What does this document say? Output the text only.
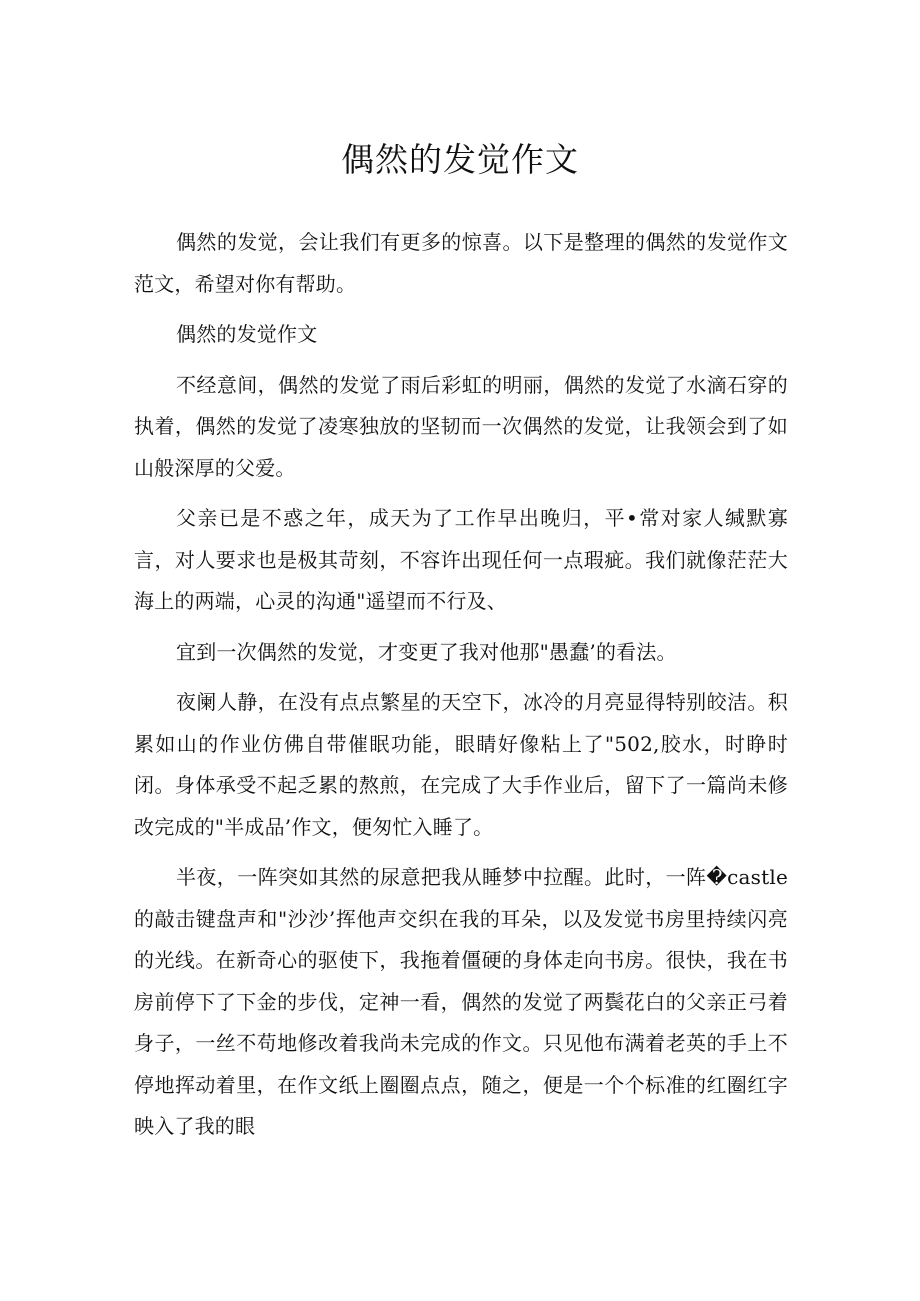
偶然的发觉作文

偶然的发觉，会让我们有更多的惊喜。以下是整理的偶然的发觉作文范文，希望对你有帮助。

偶然的发觉作文

不经意间，偶然的发觉了雨后彩虹的明丽，偶然的发觉了水滴石穿的执着，偶然的发觉了凌寒独放的坚韧而一次偶然的发觉，让我领会到了如山般深厚的父爱。

父亲已是不惑之年，成天为了工作早出晚归，平•常对家人缄默寡言，对人要求也是极其苛刻，不容许出现任何一点瑕疵。我们就像茫茫大海上的两端，心灵的沟通"遥望而不行及、

宜到一次偶然的发觉，才变更了我对他那"愚蠢’的看法。

夜阑人静，在没有点点繁星的天空下，冰冷的月亮显得特别皎洁。积累如山的作业仿佛自带催眠功能，眼睛好像粘上了"502,胶水，时睁时闭。身体承受不起乏累的熬煎，在完成了大手作业后，留下了一篇尚未修改完成的"半成品’作文，便匆忙入睡了。

半夜，一阵突如其然的尿意把我从睡梦中拉醒。此时，一阵�castle的敲击键盘声和"沙沙’挥他声交织在我的耳朵，以及发觉书房里持续闪亮的光线。在新奇心的驱使下，我拖着僵硬的身体走向书房。很快，我在书房前停下了下金的步伐，定神一看，偶然的发觉了两鬓花白的父亲正弓着身子，一丝不苟地修改着我尚未完成的作文。只见他布满着老英的手上不停地挥动着里，在作文纸上圈圈点点，随之，便是一个个标准的红圈红字映入了我的眼
